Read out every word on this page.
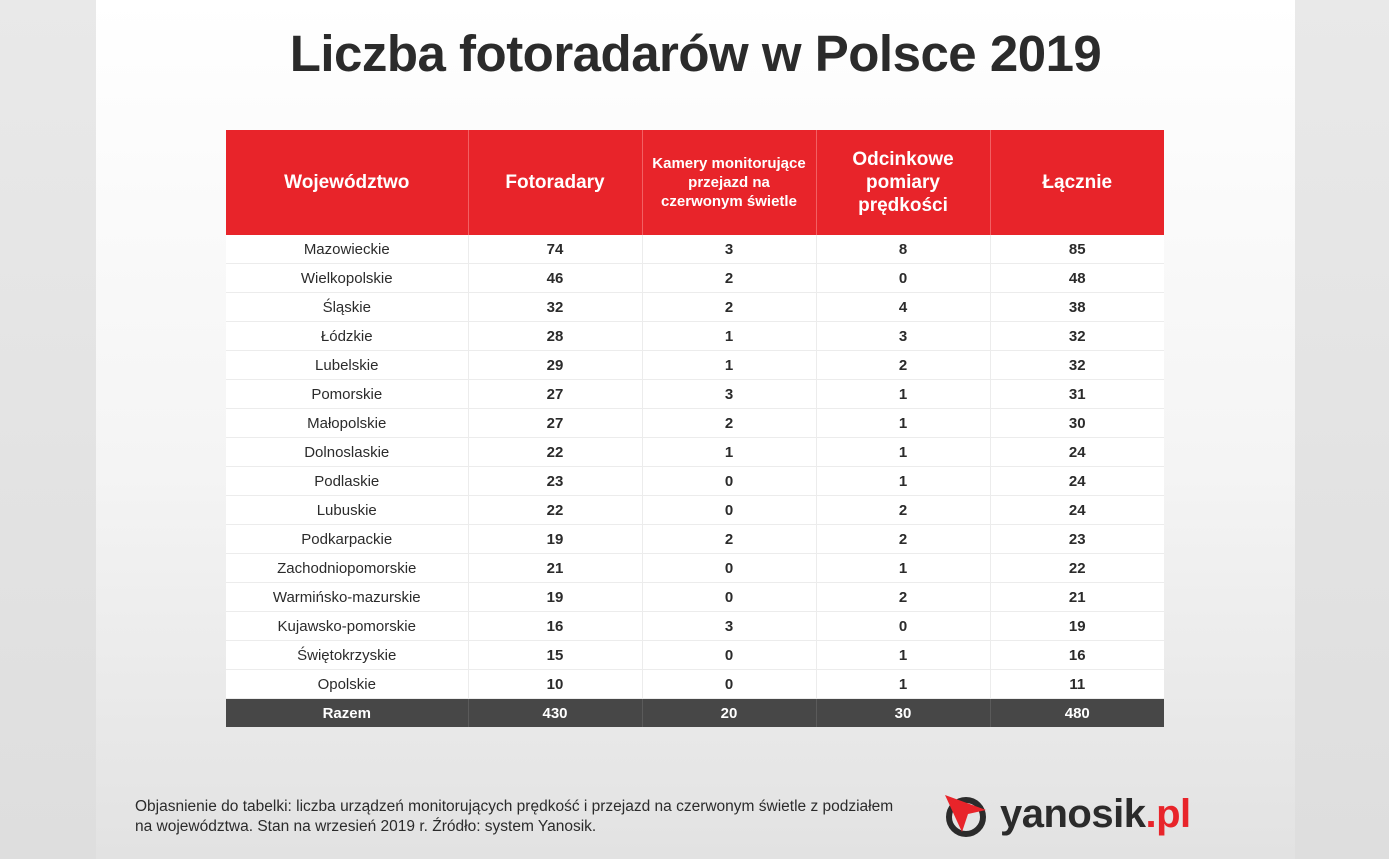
Liczba fotoradarów w Polsce 2019
Województwo	Fotoradary	Kamery monitorujące przejazd na czerwonym świetle	Odcinkowe pomiary prędkości	Łącznie
Mazowieckie	74	3	8	85
Wielkopolskie	46	2	0	48
Śląskie	32	2	4	38
Łódzkie	28	1	3	32
Lubelskie	29	1	2	32
Pomorskie	27	3	1	31
Małopolskie	27	2	1	30
Dolnoslaskie	22	1	1	24
Podlaskie	23	0	1	24
Lubuskie	22	0	2	24
Podkarpackie	19	2	2	23
Zachodniopomorskie	21	0	1	22
Warmińsko-mazurskie	19	0	2	21
Kujawsko-pomorskie	16	3	0	19
Świętokrzyskie	15	0	1	16
Opolskie	10	0	1	11
Razem	430	20	30	480
Objasnienie do tabelki: liczba urządzeń monitorujących prędkość i przejazd na czerwonym świetle z podziałem na województwa. Stan na wrzesień 2019 r. Źródło: system Yanosik.	yanosik.pl
